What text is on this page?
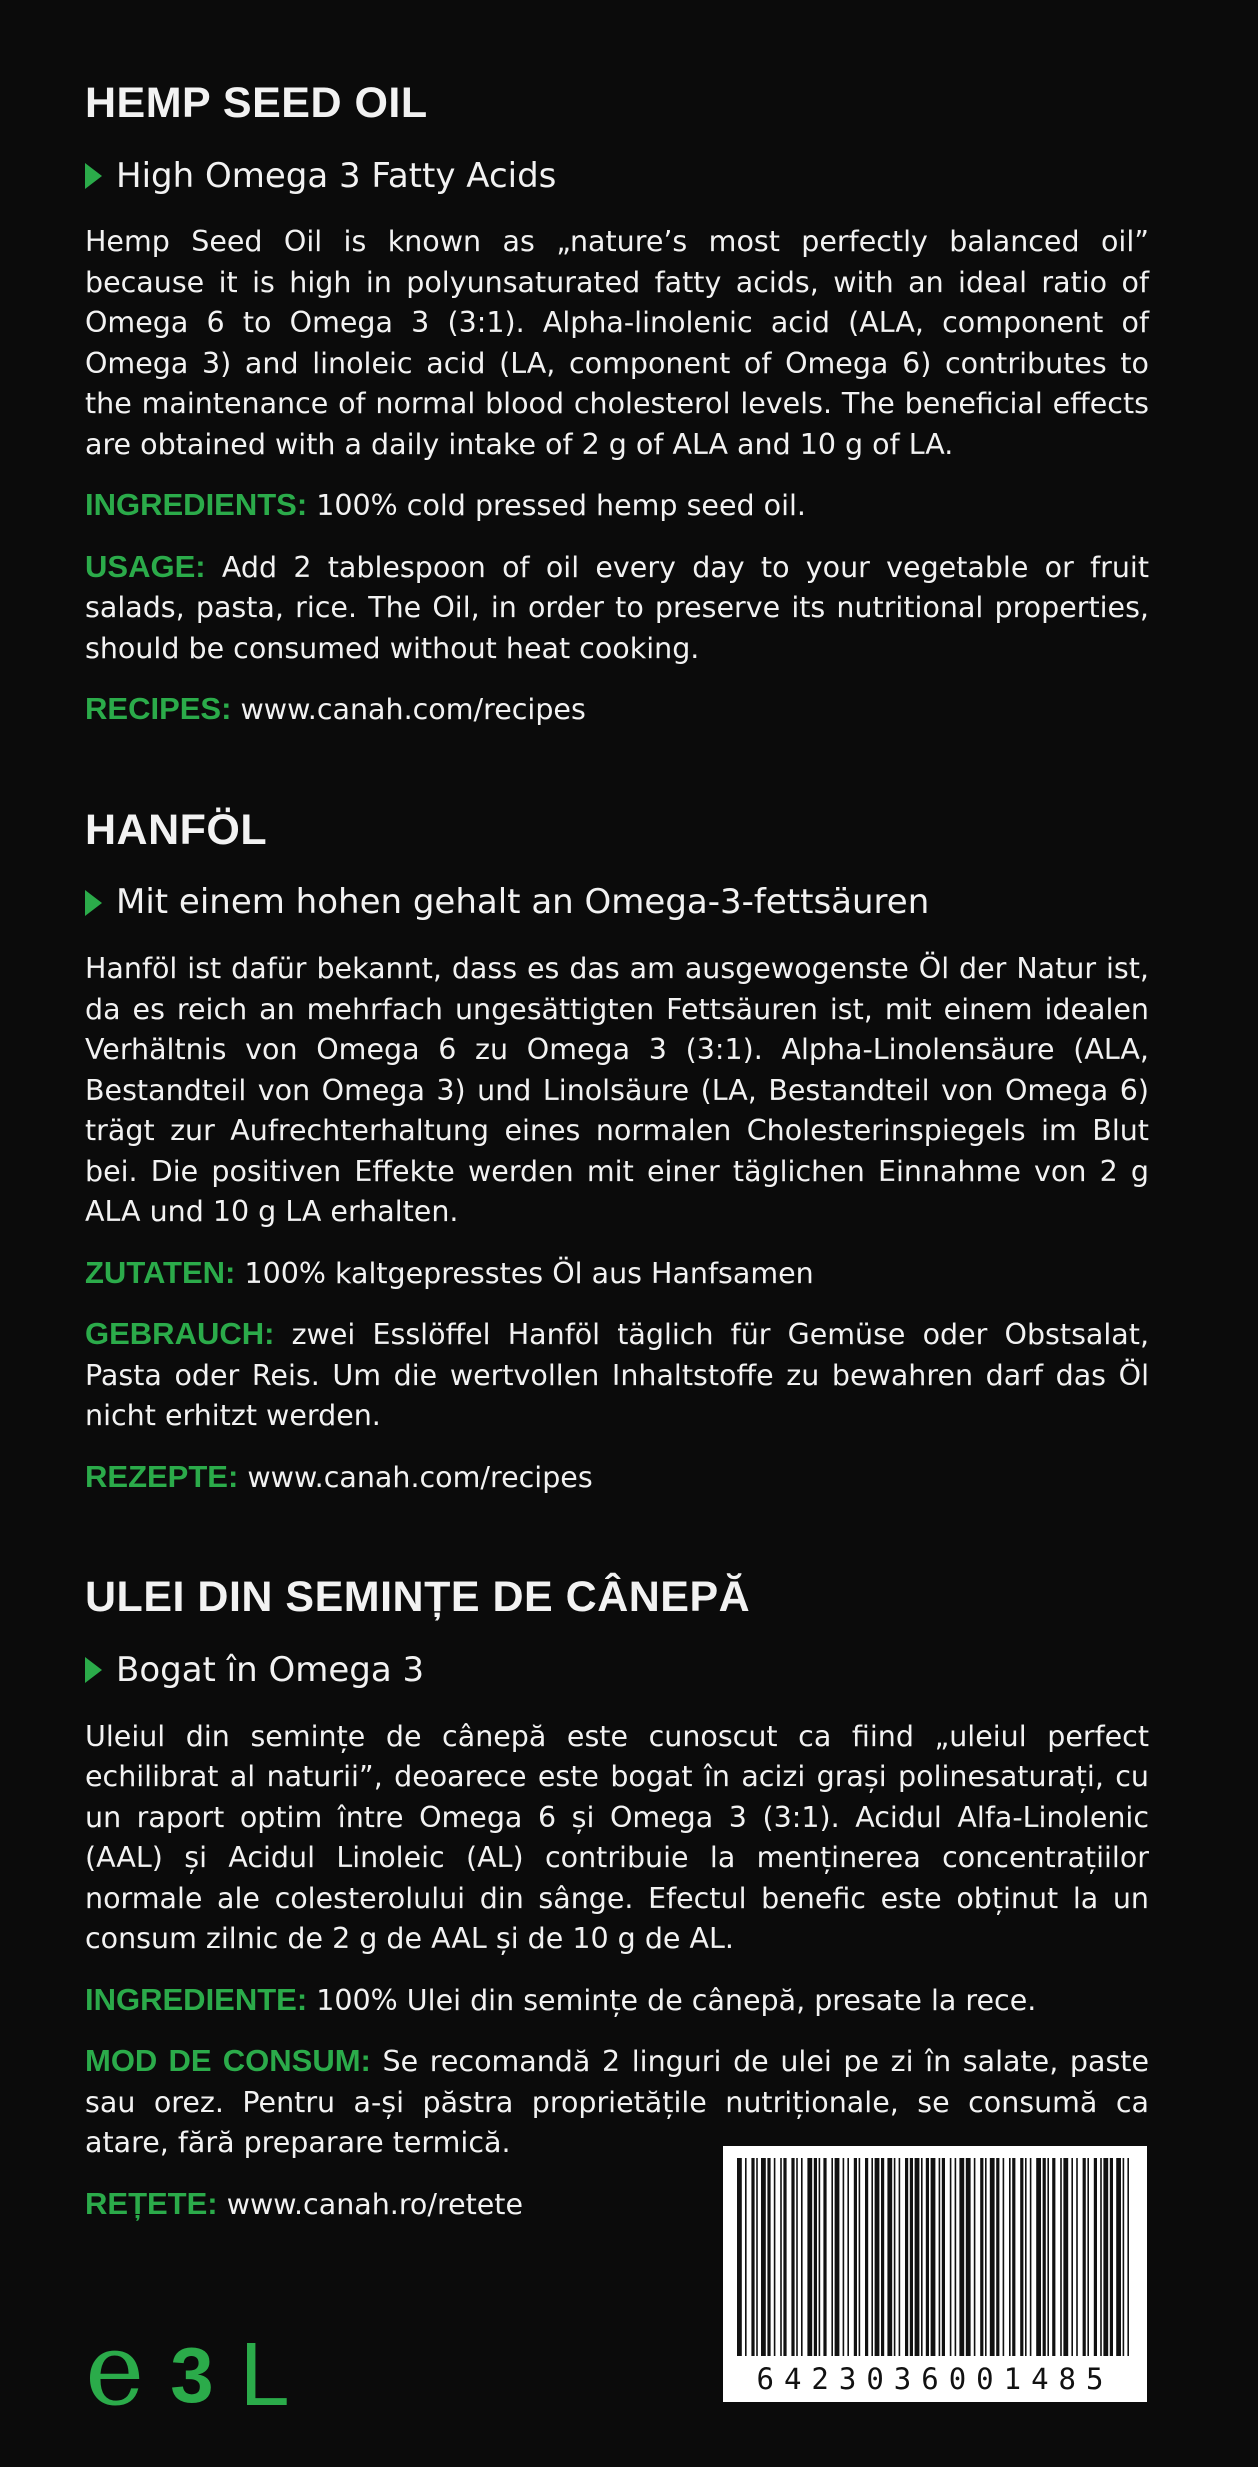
HEMP SEED OIL
High Omega 3 Fatty Acids

Hemp Seed Oil is known as „nature’s most perfectly balanced oil” because it is high in polyunsaturated fatty acids, with an ideal ratio of Omega 6 to Omega 3 (3:1). Alpha-linolenic acid (ALA, component of Omega 3) and linoleic acid (LA, component of Omega 6) contributes to the maintenance of normal blood cholesterol levels. The beneficial effects are obtained with a daily intake of 2 g of ALA and 10 g of LA.

INGREDIENTS: 100% cold pressed hemp seed oil.

USAGE: Add 2 tablespoon of oil every day to your vegetable or fruit salads, pasta, rice. The Oil, in order to preserve its nutritional properties, should be consumed without heat cooking.

RECIPES: www.canah.com/recipes

HANFÖL
Mit einem hohen gehalt an Omega-3-fettsäuren

Hanföl ist dafür bekannt, dass es das am ausgewogenste Öl der Natur ist, da es reich an mehrfach ungesättigten Fettsäuren ist, mit einem idealen Verhältnis von Omega 6 zu Omega 3 (3:1). Alpha-Linolensäure (ALA, Bestandteil von Omega 3) und Linolsäure (LA, Bestandteil von Omega 6) trägt zur Aufrechterhaltung eines normalen Cholesterinspiegels im Blut bei. Die positiven Effekte werden mit einer täglichen Einnahme von 2 g ALA und 10 g LA erhalten.

ZUTATEN: 100% kaltgepresstes Öl aus Hanfsamen

GEBRAUCH: zwei Esslöffel Hanföl täglich für Gemüse oder Obstsalat, Pasta oder Reis. Um die wertvollen Inhaltstoffe zu bewahren darf das Öl nicht erhitzt werden.

REZEPTE: www.canah.com/recipes

ULEI DIN SEMINȚE DE CÂNEPĂ
Bogat în Omega 3

Uleiul din semințe de cânepă este cunoscut ca fiind „uleiul perfect echilibrat al naturii”, deoarece este bogat în acizi grași polinesaturați, cu un raport optim între Omega 6 și Omega 3 (3:1). Acidul Alfa-Linolenic (AAL) și Acidul Linoleic (AL) contribuie la menținerea concentrațiilor normale ale colesterolului din sânge. Efectul benefic este obținut la un consum zilnic de 2 g de AAL și de 10 g de AL.

INGREDIENTE: 100% Ulei din semințe de cânepă, presate la rece.

MOD DE CONSUM: Se recomandă 2 linguri de ulei pe zi în salate, paste sau orez. Pentru a-și păstra proprietățile nutriționale, se consumă ca atare, fără preparare termică.

REȚETE: www.canah.ro/retete

6423036001485
e 3 L
